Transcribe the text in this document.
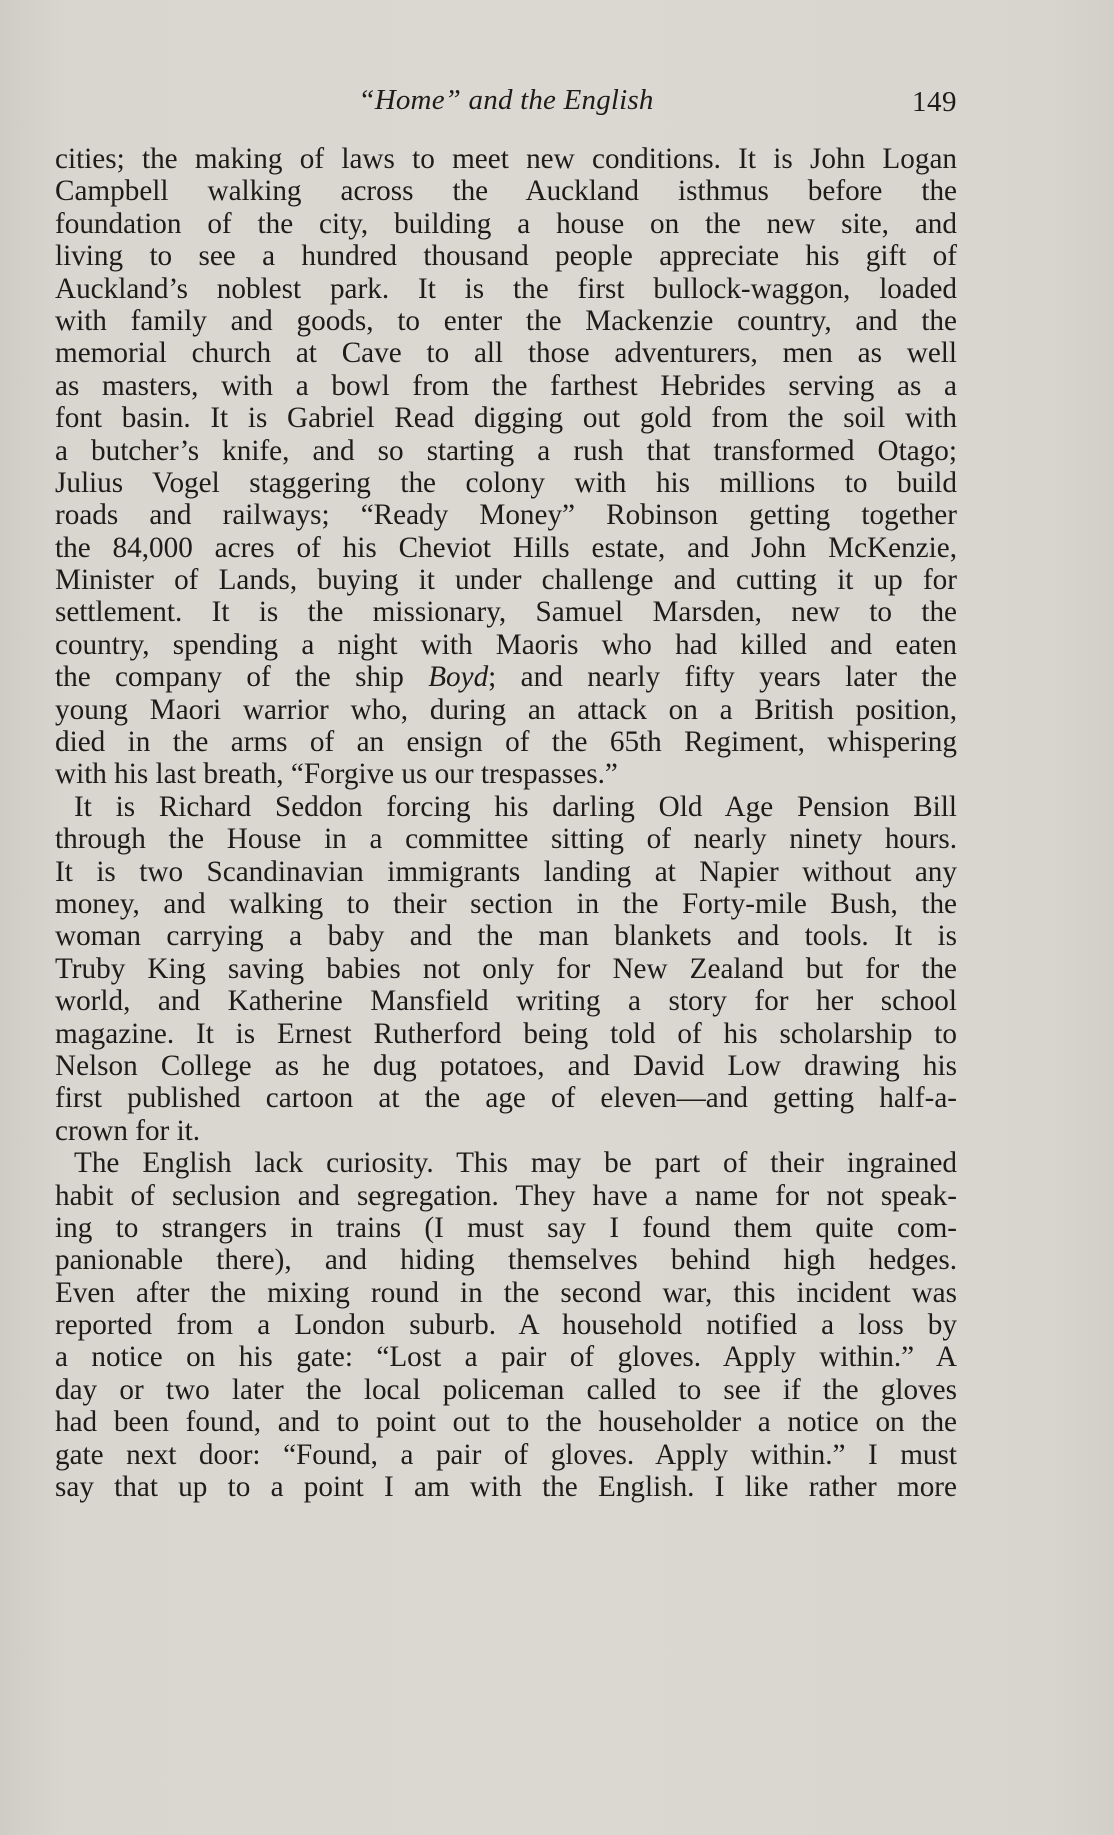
“Home” and the English	149
cities; the making of laws to meet new conditions. It is John Logan
Campbell walking across the Auckland isthmus before the
foundation of the city, building a house on the new site, and
living to see a hundred thousand people appreciate his gift of
Auckland’s noblest park. It is the first bullock-waggon, loaded
with family and goods, to enter the Mackenzie country, and the
memorial church at Cave to all those adventurers, men as well
as masters, with a bowl from the farthest Hebrides serving as a
font basin. It is Gabriel Read digging out gold from the soil with
a butcher’s knife, and so starting a rush that transformed Otago;
Julius Vogel staggering the colony with his millions to build
roads and railways; “Ready Money” Robinson getting together
the 84,000 acres of his Cheviot Hills estate, and John McKenzie,
Minister of Lands, buying it under challenge and cutting it up for
settlement. It is the missionary, Samuel Marsden, new to the
country, spending a night with Maoris who had killed and eaten
the company of the ship Boyd; and nearly fifty years later the
young Maori warrior who, during an attack on a British position,
died in the arms of an ensign of the 65th Regiment, whispering
with his last breath, “Forgive us our trespasses.”
It is Richard Seddon forcing his darling Old Age Pension Bill
through the House in a committee sitting of nearly ninety hours.
It is two Scandinavian immigrants landing at Napier without any
money, and walking to their section in the Forty-mile Bush, the
woman carrying a baby and the man blankets and tools. It is
Truby King saving babies not only for New Zealand but for the
world, and Katherine Mansfield writing a story for her school
magazine. It is Ernest Rutherford being told of his scholarship to
Nelson College as he dug potatoes, and David Low drawing his
first published cartoon at the age of eleven—and getting half-a-
crown for it.
The English lack curiosity. This may be part of their ingrained
habit of seclusion and segregation. They have a name for not speak-
ing to strangers in trains (I must say I found them quite com-
panionable there), and hiding themselves behind high hedges.
Even after the mixing round in the second war, this incident was
reported from a London suburb. A household notified a loss by
a notice on his gate: “Lost a pair of gloves. Apply within.” A
day or two later the local policeman called to see if the gloves
had been found, and to point out to the householder a notice on the
gate next door: “Found, a pair of gloves. Apply within.” I must
say that up to a point I am with the English. I like rather more
